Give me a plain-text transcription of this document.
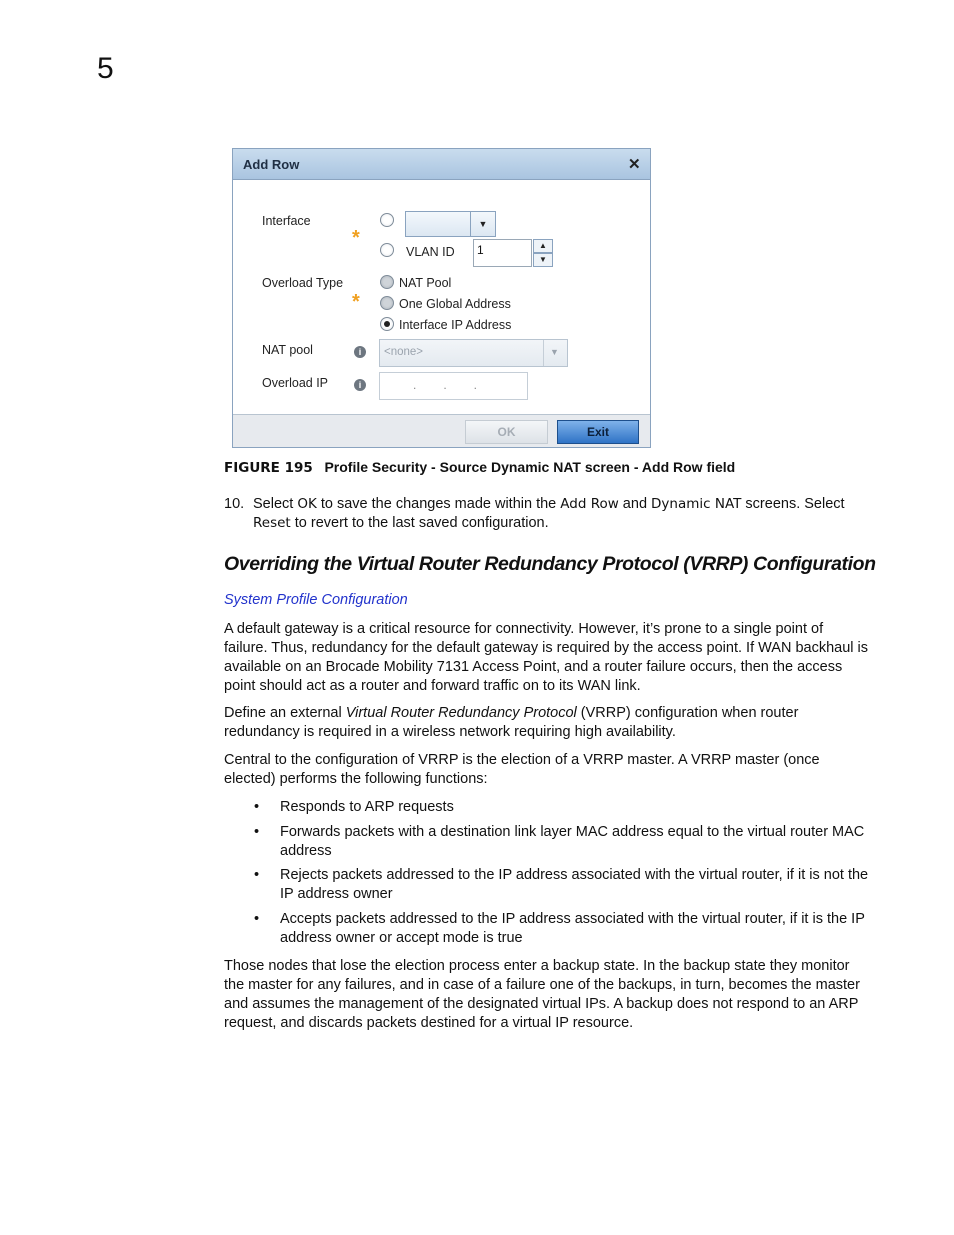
5
Add Row	✕
Interface	▼
*
VLAN ID	1	▲
▼
Overload Type
*
NAT Pool
One Global Address
Interface IP Address
NAT pool	i	<none>	▼
Overload IP	i	.      .      .
OK	Exit
FIGURE 195 Profile Security - Source Dynamic NAT screen - Add Row field
10. Select OK to save the changes made within the Add Row and Dynamic NAT screens. Select Reset to revert to the last saved configuration.
Overriding the Virtual Router Redundancy Protocol (VRRP) Configuration
System Profile Configuration
A default gateway is a critical resource for connectivity. However, it’s prone to a single point of failure. Thus, redundancy for the default gateway is required by the access point. If WAN backhaul is available on an Brocade Mobility 7131 Access Point, and a router failure occurs, then the access point should act as a router and forward traffic on to its WAN link.
Define an external Virtual Router Redundancy Protocol (VRRP) configuration when router redundancy is required in a wireless network requiring high availability.
Central to the configuration of VRRP is the election of a VRRP master. A VRRP master (once elected) performs the following functions:
• Responds to ARP requests
• Forwards packets with a destination link layer MAC address equal to the virtual router MAC address
• Rejects packets addressed to the IP address associated with the virtual router, if it is not the IP address owner
• Accepts packets addressed to the IP address associated with the virtual router, if it is the IP address owner or accept mode is true
Those nodes that lose the election process enter a backup state. In the backup state they monitor the master for any failures, and in case of a failure one of the backups, in turn, becomes the master and assumes the management of the designated virtual IPs. A backup does not respond to an ARP request, and discards packets destined for a virtual IP resource.
